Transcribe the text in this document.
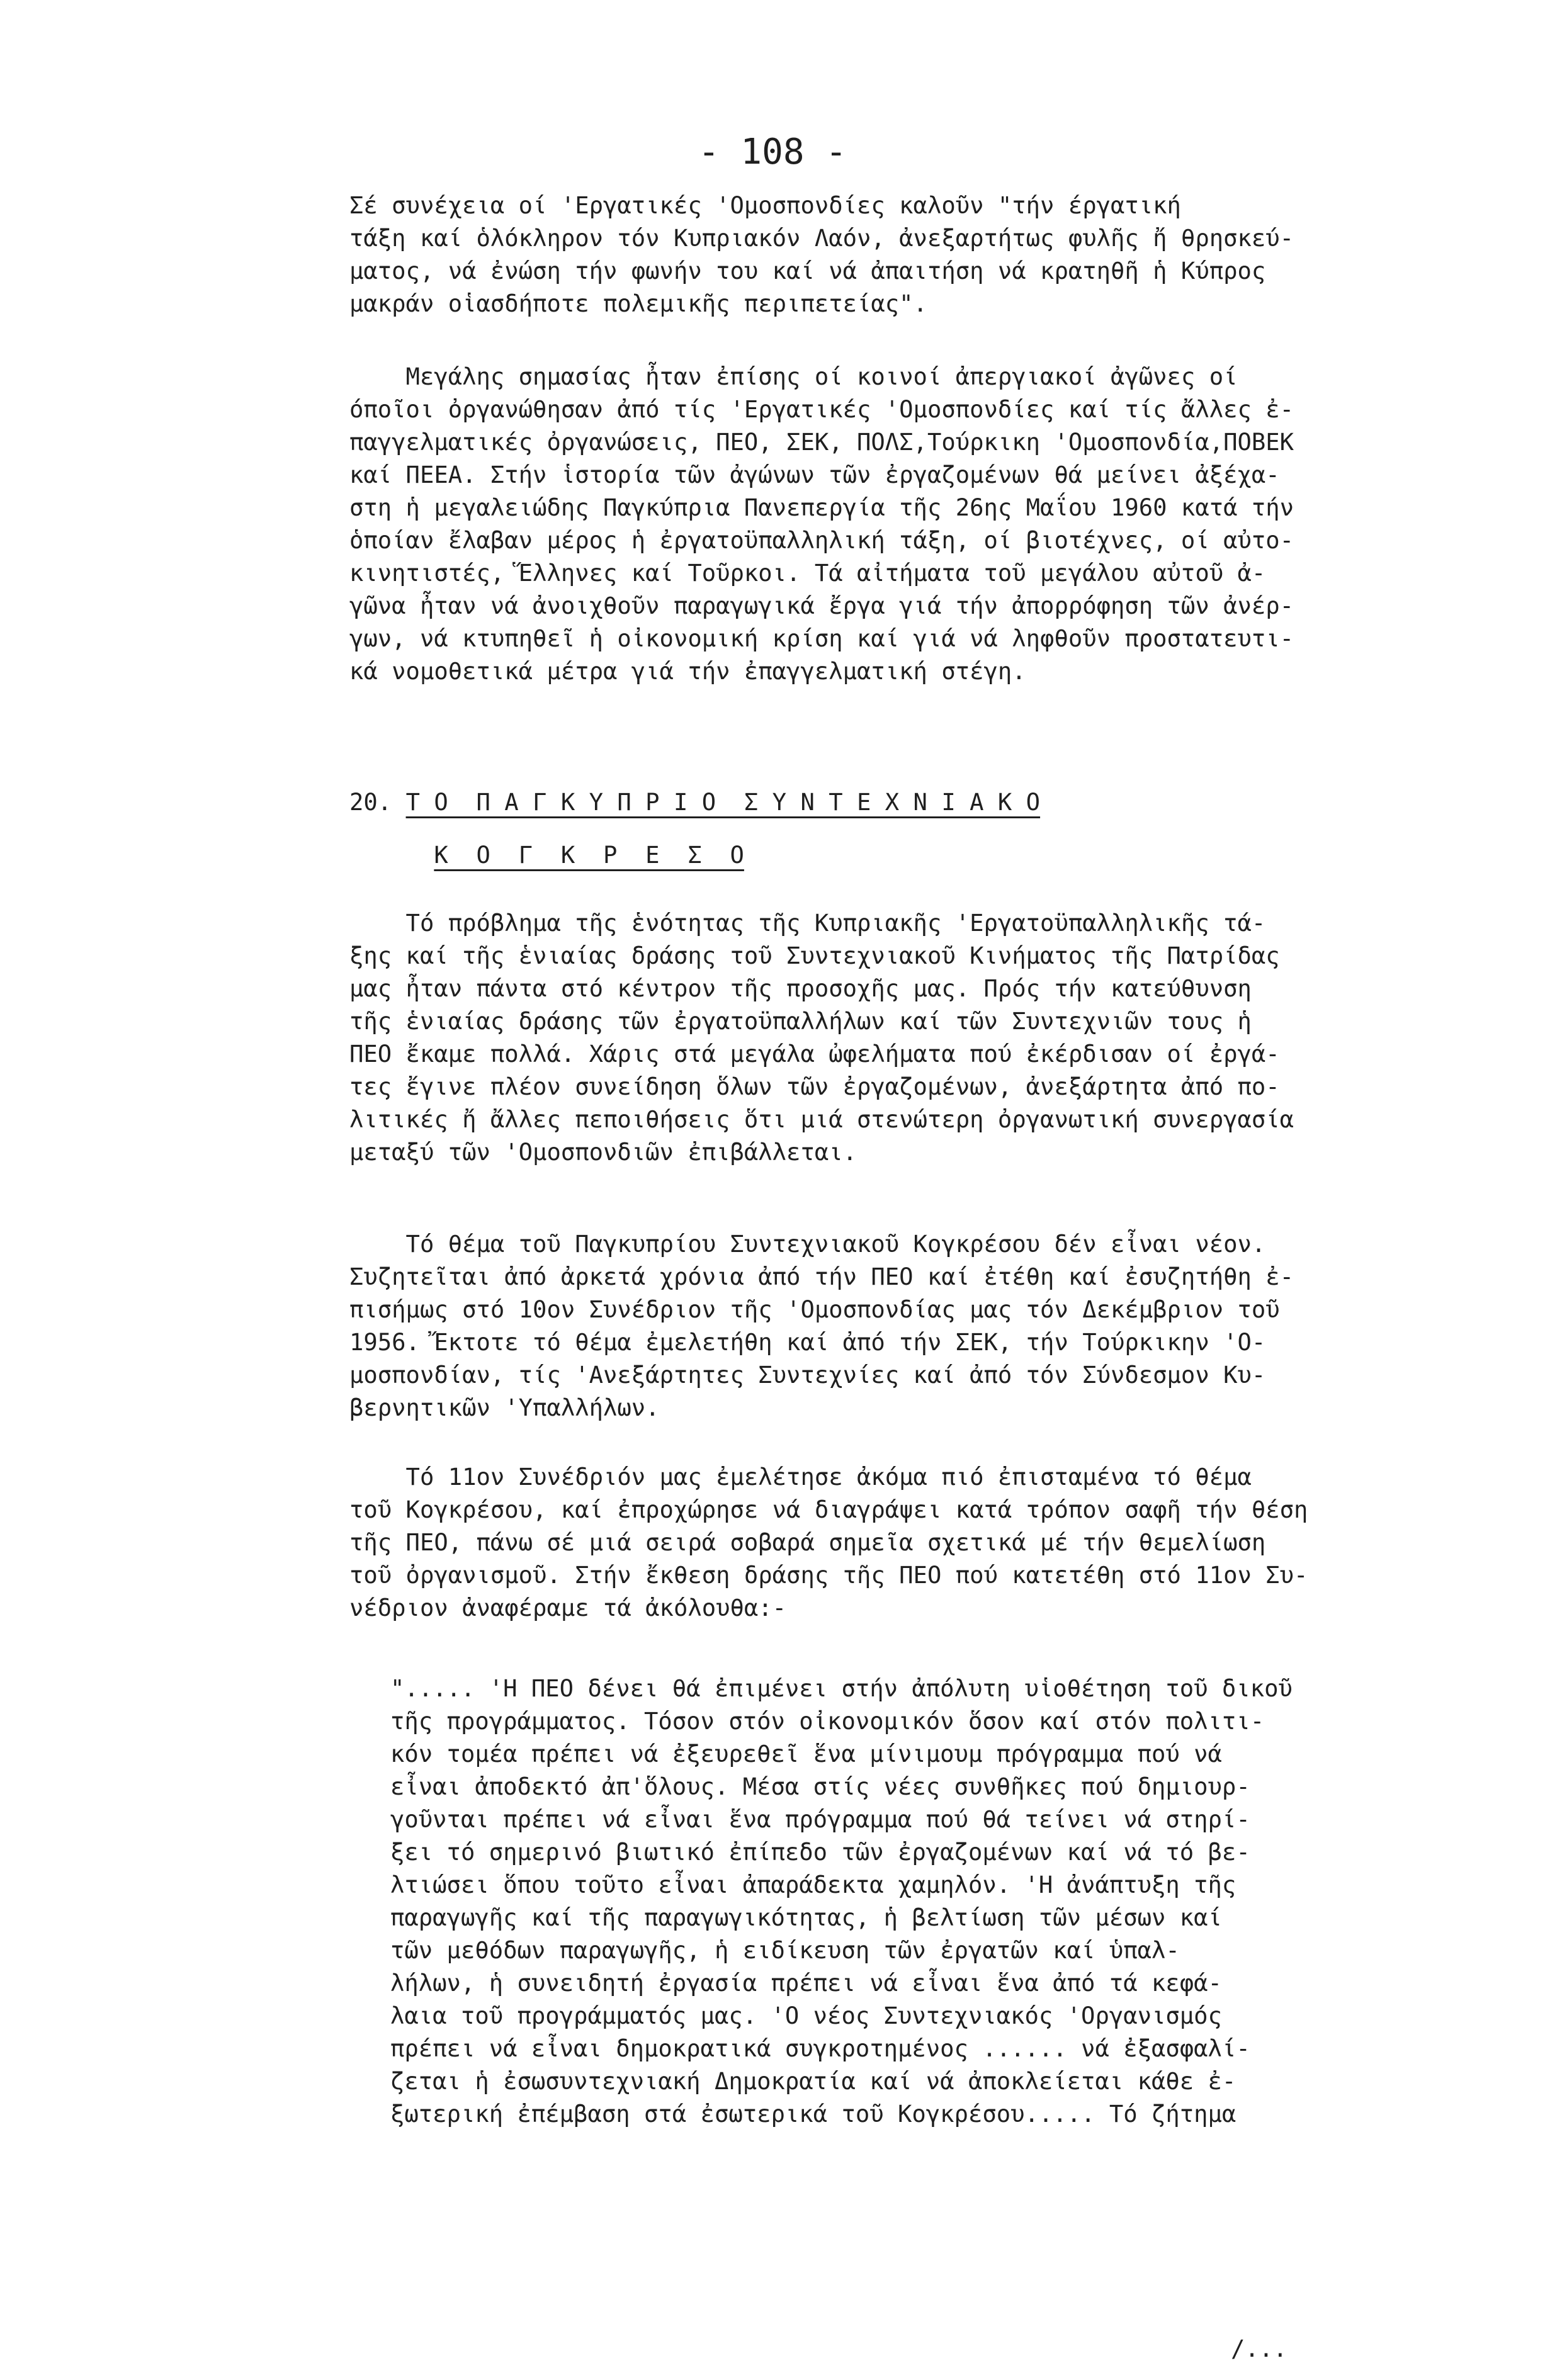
- 108 -
Σέ συνέχεια οί 'Εργατικές 'Ομοσπονδίες καλοῦν "τήν έργατική
τάξη καί ὁλόκληρον τόν Κυπριακόν Λαόν, ἀνεξαρτήτως φυλῆς ἤ θρησκεύ-
ματος, νά ἐνώση τήν φωνήν του καί νά ἀπαιτήση νά κρατηθῆ ἡ Κύπρος
μακράν οἱασδήποτε πολεμικῆς περιπετείας".
Μεγάλης σημασίας ἦταν ἐπίσης οί κοινοί ἀπεργιακοί ἀγῶνες οί
όποῖοι ὀργανώθησαν ἀπό τίς 'Εργατικές 'Ομοσπονδίες καί τίς ἄλλες ἐ-
παγγελματικές ὀργανώσεις, ΠΕΟ, ΣΕΚ, ΠΟΛΣ,Τούρκικη 'Ομοσπονδία,ΠΟΒΕΚ
καί ΠΕΕΑ. Στήν ἱστορία τῶν ἀγώνων τῶν ἐργαζομένων θά μείνει ἀξέχα-
στη ἡ μεγαλειώδης Παγκύπρια Πανεπεργία τῆς 26ης Μαΐου 1960 κατά τήν
ὁποίαν ἔλαβαν μέρος ἡ ἐργατοϋπαλληλική τάξη, οί βιοτέχνες, οί αὐτο-
κινητιστές, Ἕλληνες καί Τοῦρκοι. Τά αἰτήματα τοῦ μεγάλου αὐτοῦ ἀ-
γῶνα ἦταν νά ἀνοιχθοῦν παραγωγικά ἔργα γιά τήν ἀπορρόφηση τῶν ἀνέρ-
γων, νά κτυπηθεῖ ἡ οἰκονομική κρίση καί γιά νά ληφθοῦν προστατευτι-
κά νομοθετικά μέτρα γιά τήν ἐπαγγελματική στέγη.
20. Τ Ο  Π Α Γ Κ Υ Π Ρ Ι Ο  Σ Υ Ν Τ Ε Χ Ν Ι Α Κ Ο
Κ  Ο  Γ  Κ  Ρ  Ε  Σ  Ο
Τό πρόβλημα τῆς ἑνότητας τῆς Κυπριακῆς 'Εργατοϋπαλληλικῆς τά-
ξης καί τῆς ἑνιαίας δράσης τοῦ Συντεχνιακοῦ Κινήματος τῆς Πατρίδας
μας ἦταν πάντα στό κέντρον τῆς προσοχῆς μας. Πρός τήν κατεύθυνση
τῆς ἑνιαίας δράσης τῶν ἐργατοϋπαλλήλων καί τῶν Συντεχνιῶν τους ἡ
ΠΕΟ ἔκαμε πολλά. Χάρις στά μεγάλα ὠφελήματα πού ἐκέρδισαν οί ἐργά-
τες ἔγινε πλέον συνείδηση ὅλων τῶν ἐργαζομένων, ἀνεξάρτητα ἀπό πο-
λιτικές ἤ ἄλλες πεποιθήσεις ὅτι μιά στενώτερη ὀργανωτική συνεργασία
μεταξύ τῶν 'Ομοσπονδιῶν ἐπιβάλλεται.
Τό θέμα τοῦ Παγκυπρίου Συντεχνιακοῦ Κογκρέσου δέν εἶναι νέον.
Συζητεῖται ἀπό ἀρκετά χρόνια ἀπό τήν ΠΕΟ καί ἐτέθη καί ἐσυζητήθη ἐ-
πισήμως στό 10ον Συνέδριον τῆς 'Ομοσπονδίας μας τόν Δεκέμβριον τοῦ
1956. Ἔκτοτε τό θέμα ἐμελετήθη καί ἀπό τήν ΣΕΚ, τήν Τούρκικην 'Ο-
μοσπονδίαν, τίς 'Ανεξάρτητες Συντεχνίες καί ἀπό τόν Σύνδεσμον Κυ-
βερνητικῶν 'Υπαλλήλων.
Τό 11ον Συνέδριόν μας ἐμελέτησε ἀκόμα πιό ἐπισταμένα τό θέμα
τοῦ Κογκρέσου, καί ἐπροχώρησε νά διαγράψει κατά τρόπον σαφῆ τήν θέση
τῆς ΠΕΟ, πάνω σέ μιά σειρά σοβαρά σημεῖα σχετικά μέ τήν θεμελίωση
τοῦ ὀργανισμοῦ. Στήν ἔκθεση δράσης τῆς ΠΕΟ πού κατετέθη στό 11ον Συ-
νέδριον ἀναφέραμε τά ἀκόλουθα:-
"..... 'Η ΠΕΟ δένει θά ἐπιμένει στήν ἀπόλυτη υἱοθέτηση τοῦ δικοῦ
τῆς προγράμματος. Τόσον στόν οἰκονομικόν ὅσον καί στόν πολιτι-
κόν τομέα πρέπει νά ἐξευρεθεῖ ἕνα μίνιμουμ πρόγραμμα πού νά
εἶναι ἀποδεκτό ἀπ'ὅλους. Μέσα στίς νέες συνθῆκες πού δημιουρ-
γοῦνται πρέπει νά εἶναι ἕνα πρόγραμμα πού θά τείνει νά στηρί-
ξει τό σημερινό βιωτικό ἐπίπεδο τῶν ἐργαζομένων καί νά τό βε-
λτιώσει ὅπου τοῦτο εἶναι ἀπαράδεκτα χαμηλόν. 'Η ἀνάπτυξη τῆς
παραγωγῆς καί τῆς παραγωγικότητας, ἡ βελτίωση τῶν μέσων καί
τῶν μεθόδων παραγωγῆς, ἡ ειδίκευση τῶν ἐργατῶν καί ὑπαλ-
λήλων, ἡ συνειδητή ἐργασία πρέπει νά εἶναι ἕνα ἀπό τά κεφά-
λαια τοῦ προγράμματός μας. 'Ο νέος Συντεχνιακός 'Οργανισμός
πρέπει νά εἶναι δημοκρατικά συγκροτημένος ...... νά ἐξασφαλί-
ζεται ἡ ἐσωσυντεχνιακή Δημοκρατία καί νά ἀποκλείεται κάθε ἐ-
ξωτερική ἐπέμβαση στά ἐσωτερικά τοῦ Κογκρέσου..... Τό ζήτημα
/...
